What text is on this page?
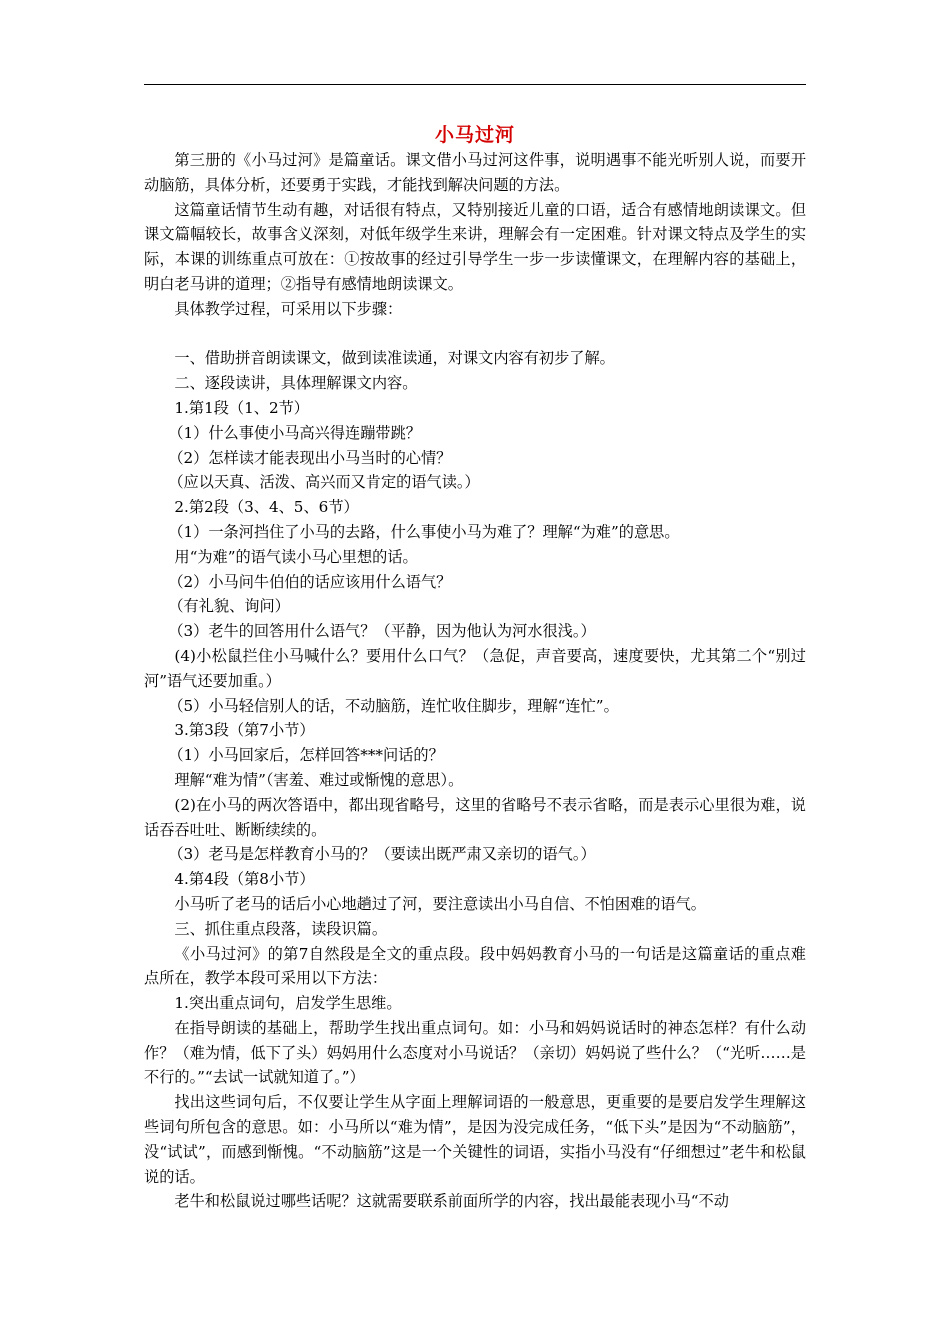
小马过河

第三册的《小马过河》是篇童话。课文借小马过河这件事，说明遇事不能光听别人说，而要开动脑筋，具体分析，还要勇于实践，才能找到解决问题的方法。

这篇童话情节生动有趣，对话很有特点，又特别接近儿童的口语，适合有感情地朗读课文。但课文篇幅较长，故事含义深刻，对低年级学生来讲，理解会有一定困难。针对课文特点及学生的实际，本课的训练重点可放在：①按故事的经过引导学生一步一步读懂课文，在理解内容的基础上，明白老马讲的道理；②指导有感情地朗读课文。

具体教学过程，可采用以下步骤：

一、借助拼音朗读课文，做到读准读通，对课文内容有初步了解。

二、逐段读讲，具体理解课文内容。

1.第1段（1、2节）

（1）什么事使小马高兴得连蹦带跳？

（2）怎样读才能表现出小马当时的心情？

（应以天真、活泼、高兴而又肯定的语气读。）

2.第2段（3、4、5、6节）

（1）一条河挡住了小马的去路，什么事使小马为难了？理解“为难”的意思。

用“为难”的语气读小马心里想的话。

（2）小马问牛伯伯的话应该用什么语气？

（有礼貌、询问）

（3）老牛的回答用什么语气？（平静，因为他认为河水很浅。）

(4)小松鼠拦住小马喊什么？要用什么口气？（急促，声音要高，速度要快，尤其第二个“别过河”语气还要加重。）

（5）小马轻信别人的话，不动脑筋，连忙收住脚步，理解“连忙”。

3.第3段（第7小节）

（1）小马回家后，怎样回答***问话的？

理解“难为情”（害羞、难过或惭愧的意思）。

(2)在小马的两次答语中，都出现省略号，这里的省略号不表示省略，而是表示心里很为难，说话吞吞吐吐、断断续续的。

（3）老马是怎样教育小马的？（要读出既严肃又亲切的语气。）

4.第4段（第8小节）

小马听了老马的话后小心地趟过了河，要注意读出小马自信、不怕困难的语气。

三、抓住重点段落，读段识篇。

《小马过河》的第7自然段是全文的重点段。段中妈妈教育小马的一句话是这篇童话的重点难点所在，教学本段可采用以下方法：

1.突出重点词句，启发学生思维。

在指导朗读的基础上，帮助学生找出重点词句。如：小马和妈妈说话时的神态怎样？有什么动作？（难为情，低下了头）妈妈用什么态度对小马说话？（亲切）妈妈说了些什么？（“光听……是不行的。”“去试一试就知道了。”）

找出这些词句后，不仅要让学生从字面上理解词语的一般意思，更重要的是要启发学生理解这些词句所包含的意思。如：小马所以“难为情”，是因为没完成任务，“低下头”是因为“不动脑筋”，没“试试”，而感到惭愧。“不动脑筋”这是一个关键性的词语，实指小马没有“仔细想过”老牛和松鼠说的话。

老牛和松鼠说过哪些话呢？这就需要联系前面所学的内容，找出最能表现小马“不动
